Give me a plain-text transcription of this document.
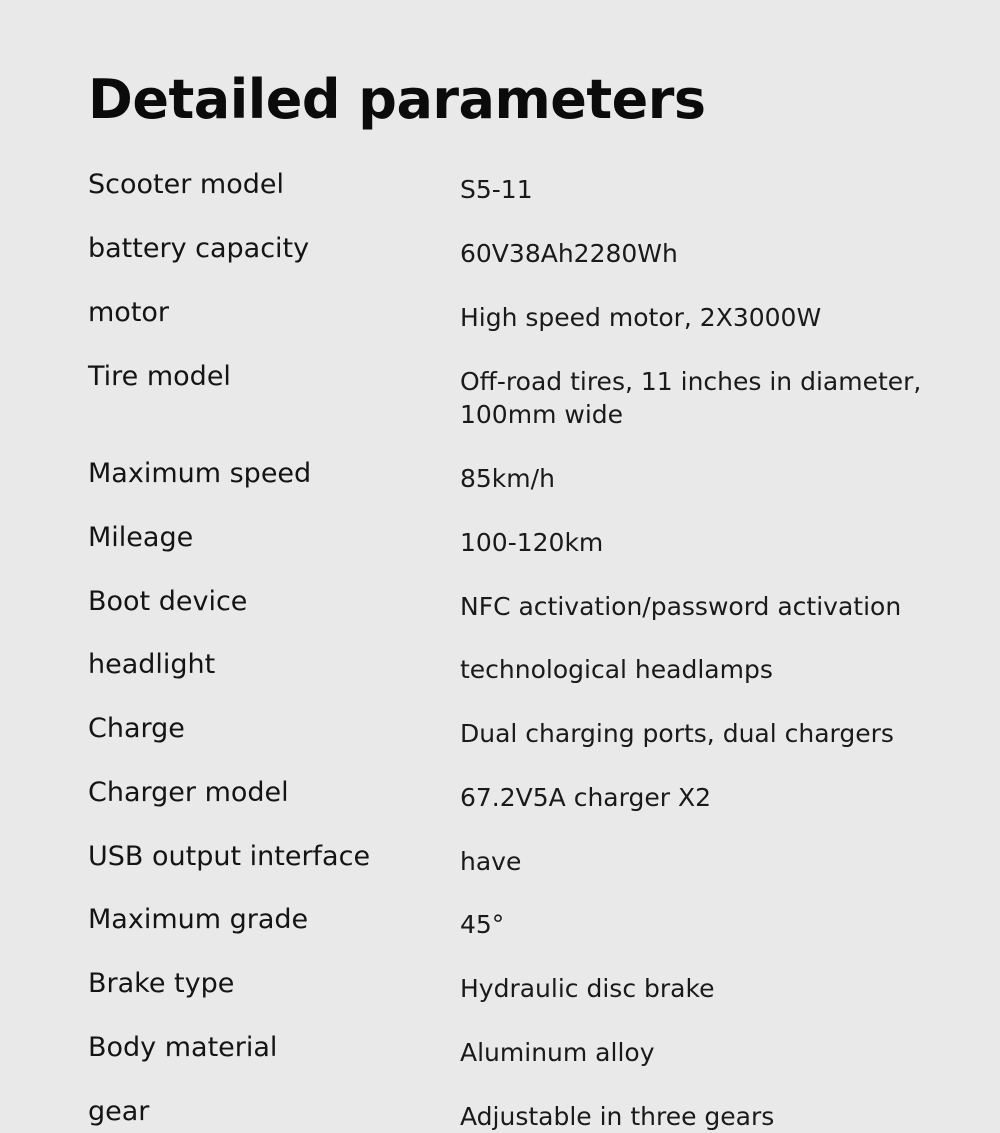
Detailed parameters
Scooter model	S5-11
battery capacity	60V38Ah2280Wh
motor	High speed motor, 2X3000W
Tire model	Off-road tires, 11 inches in diameter, 100mm wide
Maximum speed	85km/h
Mileage	100-120km
Boot device	NFC activation/password activation
headlight	technological headlamps
Charge	Dual charging ports, dual chargers
Charger model	67.2V5A charger X2
USB output interface	have
Maximum grade	45°
Brake type	Hydraulic disc brake
Body material	Aluminum alloy
gear	Adjustable in three gears
